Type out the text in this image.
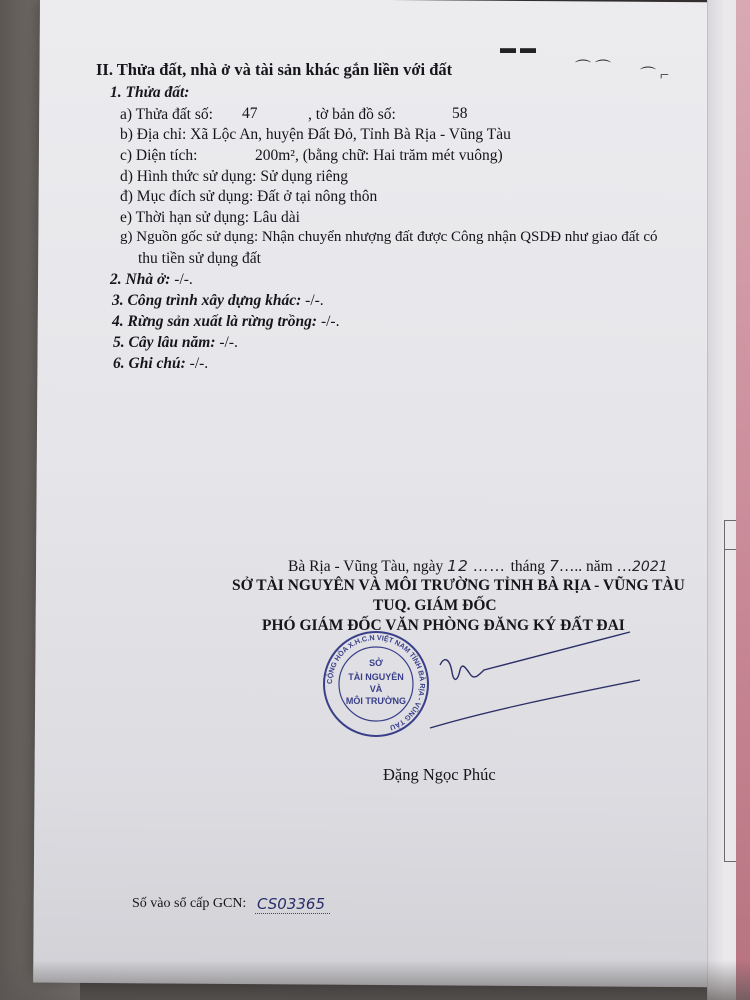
▬ ▬
⌒ ⌒ ⌒ ⌐
II. Thửa đất, nhà ở và tài sản khác gắn liền với đất
1. Thửa đất:
a) Thửa đất số: 47	, tờ bản đồ số:	58
b) Địa chỉ: Xã Lộc An, huyện Đất Đỏ, Tỉnh Bà Rịa - Vũng Tàu
c) Diện tích:	200m², (bằng chữ: Hai trăm mét vuông)
d) Hình thức sử dụng: Sử dụng riêng
đ) Mục đích sử dụng: Đất ở tại nông thôn
e) Thời hạn sử dụng: Lâu dài
g) Nguồn gốc sử dụng: Nhận chuyển nhượng đất được Công nhận QSDĐ như giao đất có
thu tiền sử dụng đất
2. Nhà ở: -/-.
3. Công trình xây dựng khác: -/-.
4. Rừng sản xuất là rừng trồng: -/-.
5. Cây lâu năm: -/-.
6. Ghi chú: -/-.
Bà Rịa - Vũng Tàu, ngày 12 …… tháng 7….. năm …2021
SỞ TÀI NGUYÊN VÀ MÔI TRƯỜNG TỈNH BÀ RỊA - VŨNG TÀU
TUQ. GIÁM ĐỐC
PHÓ GIÁM ĐỐC VĂN PHÒNG ĐĂNG KÝ ĐẤT ĐAI
CỘNG HÒA X.H.C.N VIỆT NAM TỈNH BÀ RỊA - VŨNG TÀU
SỞ
TÀI NGUYÊN
VÀ
MÔI TRƯỜNG
Đặng Ngọc Phúc
Số vào sổ cấp GCN: CS03365
